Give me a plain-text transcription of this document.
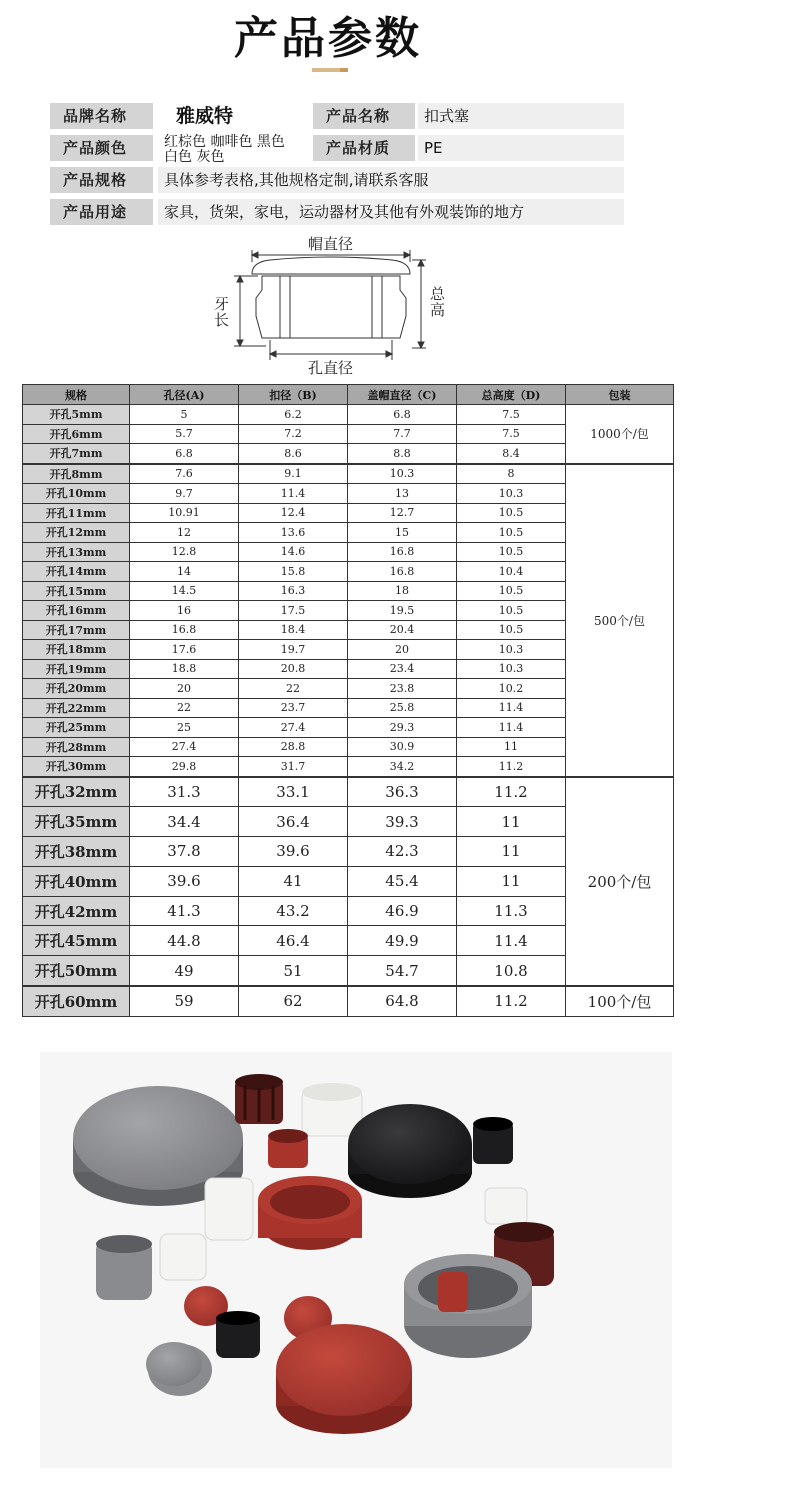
产品参数
品牌名称	雅威特	产品名称	扣式塞
产品颜色	红棕色 咖啡色 黑色 白色 灰色	产品材质	PE
产品规格	具体参考表格,其他规格定制,请联系客服
产品用途	家具，货架，家电，运动器材及其他有外观装饰的地方
帽直径
牙长
总高
孔直径
规格	孔径(A)	扣径（B)	盖帽直径（C)	总高度（D)	包装
开孔5mm	5	6.2	6.8	7.5	1000个/包
开孔6mm	5.7	7.2	7.7	7.5	
开孔7mm	6.8	8.6	8.8	8.4	
开孔8mm	7.6	9.1	10.3	8	500个/包
开孔10mm	9.7	11.4	13	10.3	
开孔11mm	10.91	12.4	12.7	10.5	
开孔12mm	12	13.6	15	10.5	
开孔13mm	12.8	14.6	16.8	10.5	
开孔14mm	14	15.8	16.8	10.4	
开孔15mm	14.5	16.3	18	10.5	
开孔16mm	16	17.5	19.5	10.5	
开孔17mm	16.8	18.4	20.4	10.5	
开孔18mm	17.6	19.7	20	10.3	
开孔19mm	18.8	20.8	23.4	10.3	
开孔20mm	20	22	23.8	10.2	
开孔22mm	22	23.7	25.8	11.4	
开孔25mm	25	27.4	29.3	11.4	
开孔28mm	27.4	28.8	30.9	11	
开孔30mm	29.8	31.7	34.2	11.2	
开孔32mm	31.3	33.1	36.3	11.2	200个/包
开孔35mm	34.4	36.4	39.3	11	
开孔38mm	37.8	39.6	42.3	11	
开孔40mm	39.6	41	45.4	11	
开孔42mm	41.3	43.2	46.9	11.3	
开孔45mm	44.8	46.4	49.9	11.4	
开孔50mm	49	51	54.7	10.8	
开孔60mm	59	62	64.8	11.2	100个/包
